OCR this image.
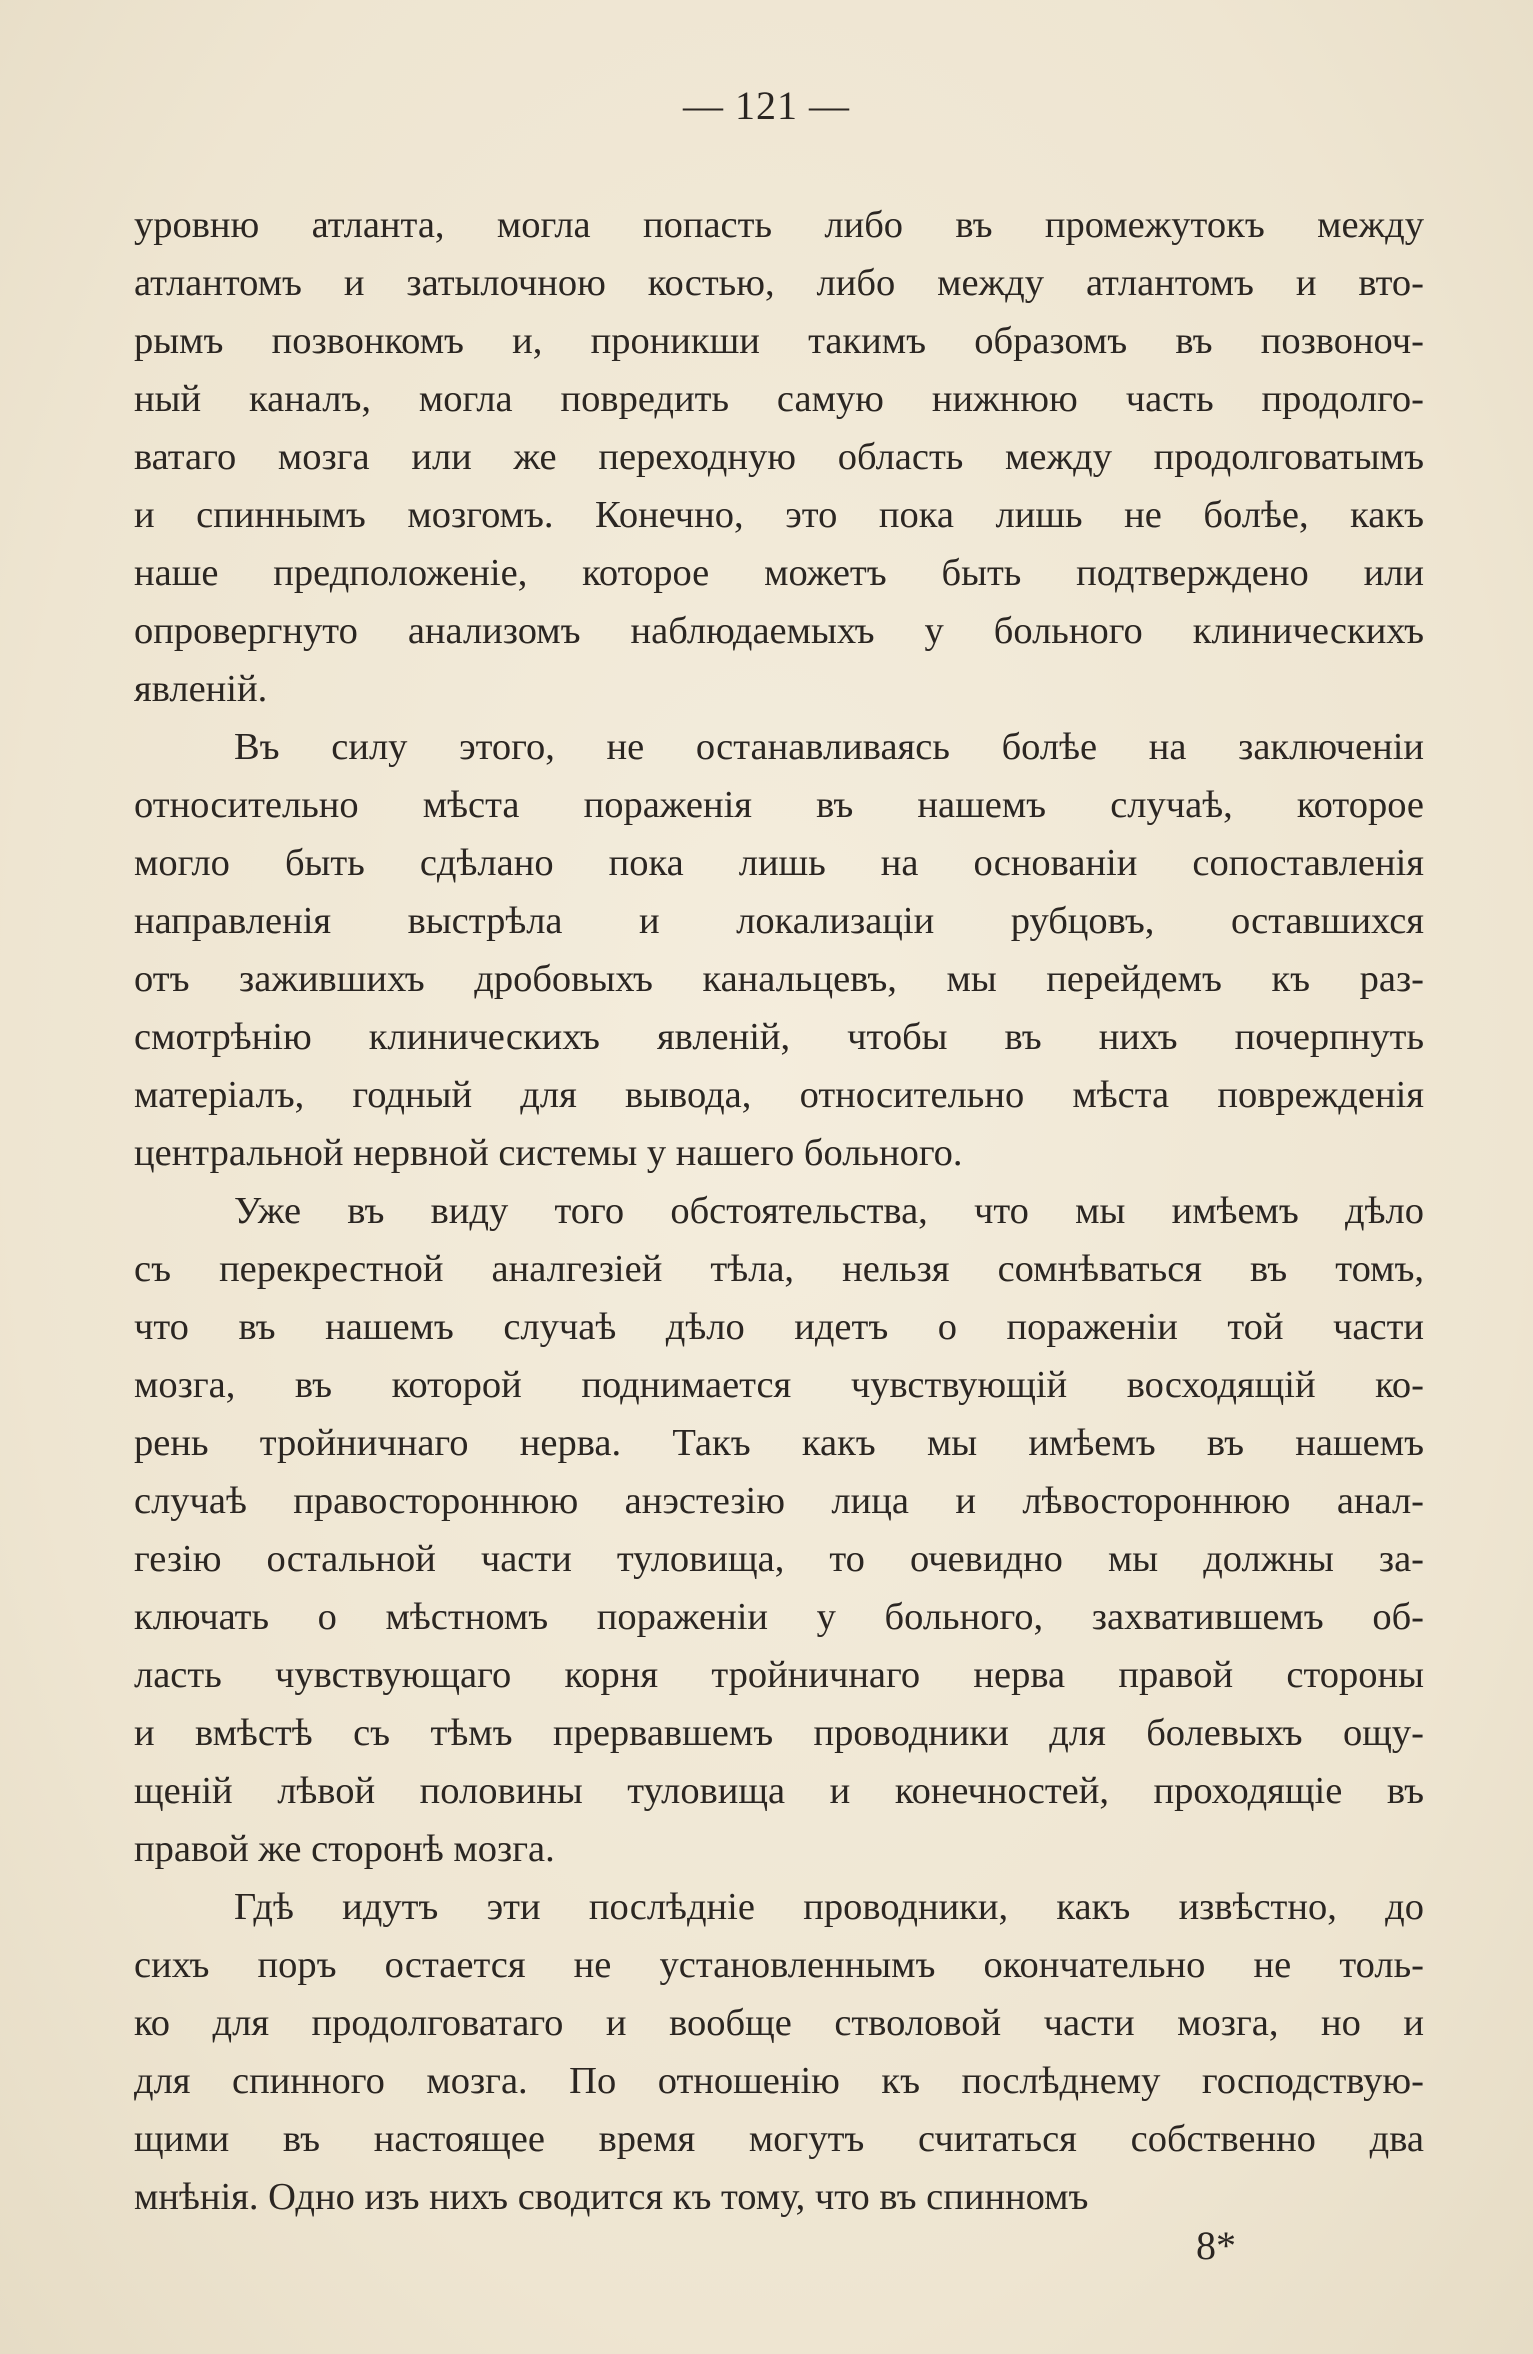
— 121 —
уровню атланта, могла попасть либо въ промежутокъ между
атлантомъ и затылочною костью, либо между атлантомъ и вто-
рымъ позвонкомъ и, проникши такимъ образомъ въ позвоноч-
ный каналъ, могла повредить самую нижнюю часть продолго-
ватаго мозга или же переходную область между продолговатымъ
и спиннымъ мозгомъ. Конечно, это пока лишь не болѣе, какъ
наше предположенiе, которое можетъ быть подтверждено или
опровергнуто анализомъ наблюдаемыхъ у больного клиническихъ
явленiй.
Въ силу этого, не останавливаясь болѣе на заключенiи
относительно мѣста пораженiя въ нашемъ случаѣ, которое
могло быть сдѣлано пока лишь на основанiи сопоставленiя
направленiя выстрѣла и локализацiи рубцовъ, оставшихся
отъ зажившихъ дробовыхъ канальцевъ, мы перейдемъ къ раз-
смотрѣнiю клиническихъ явленiй, чтобы въ нихъ почерпнуть
матерiалъ, годный для вывода, относительно мѣста поврежденiя
центральной нервной системы у нашего больного.
Уже въ виду того обстоятельства, что мы имѣемъ дѣло
съ перекрестной аналгезiей тѣла, нельзя сомнѣваться въ томъ,
что въ нашемъ случаѣ дѣло идетъ о пораженiи той части
мозга, въ которой поднимается чувствующiй восходящiй ко-
рень тройничнаго нерва. Такъ какъ мы имѣемъ въ нашемъ
случаѣ правостороннюю анэстезiю лица и лѣвостороннюю анал-
гезiю остальной части туловища, то очевидно мы должны за-
ключать о мѣстномъ пораженiи у больного, захватившемъ об-
ласть чувствующаго корня тройничнаго нерва правой стороны
и вмѣстѣ съ тѣмъ прервавшемъ проводники для болевыхъ ощу-
щенiй лѣвой половины туловища и конечностей, проходящiе въ
правой же сторонѣ мозга.
Гдѣ идутъ эти послѣднiе проводники, какъ извѣстно, до
сихъ поръ остается не установленнымъ окончательно не толь-
ко для продолговатаго и вообще стволовой части мозга, но и
для спинного мозга. По отношенiю къ послѣднему господствую-
щими въ настоящее время могутъ считаться собственно два
мнѣнiя. Одно изъ нихъ сводится къ тому, что въ спинномъ
8*
